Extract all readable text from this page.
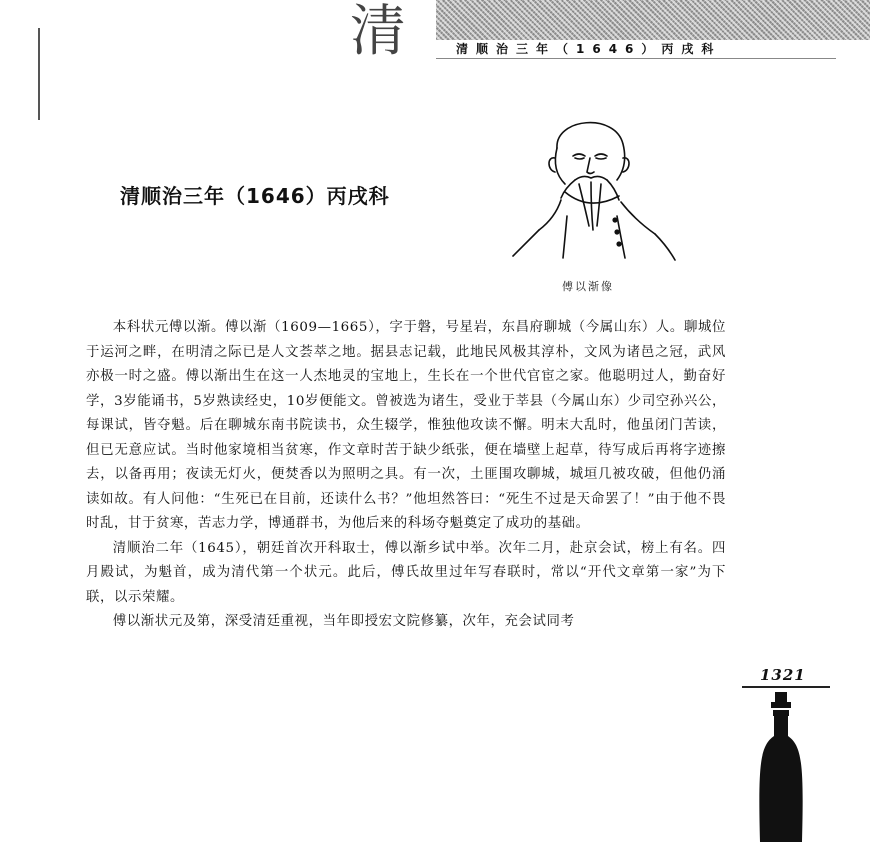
清	清顺治三年（1646）丙戌科
清顺治三年（1646）丙戌科
傅以渐像

本科状元傅以渐。傅以渐（1609—1665），字于磐，号星岩，东昌府聊城（今属山东）人。聊城位于运河之畔，在明清之际已是人文荟萃之地。据县志记载，此地民风极其淳朴，文风为诸邑之冠，武风亦极一时之盛。傅以渐出生在这一人杰地灵的宝地上，生长在一个世代官宦之家。他聪明过人，勤奋好学，3岁能诵书，5岁熟读经史，10岁便能文。曾被选为诸生，受业于莘县（今属山东）少司空孙兴公，每课试，皆夺魁。后在聊城东南书院读书，众生辍学，惟独他攻读不懈。明末大乱时，他虽闭门苦读，但已无意应试。当时他家境相当贫寒，作文章时苦于缺少纸张，便在墙壁上起草，待写成后再将字迹擦去，以备再用；夜读无灯火，便焚香以为照明之具。有一次，土匪围攻聊城，城垣几被攻破，但他仍涌读如故。有人问他：“生死已在目前，还读什么书？”他坦然答曰：“死生不过是天命罢了！”由于他不畏时乱，甘于贫寒，苦志力学，博通群书，为他后来的科场夺魁奠定了成功的基础。

清顺治二年（1645），朝廷首次开科取士，傅以渐乡试中举。次年二月，赴京会试，榜上有名。四月殿试，为魁首，成为清代第一个状元。此后，傅氏故里过年写春联时，常以“开代文章第一家”为下联，以示荣耀。

傅以渐状元及第，深受清廷重视，当年即授宏文院修纂，次年，充会试同考

1321
